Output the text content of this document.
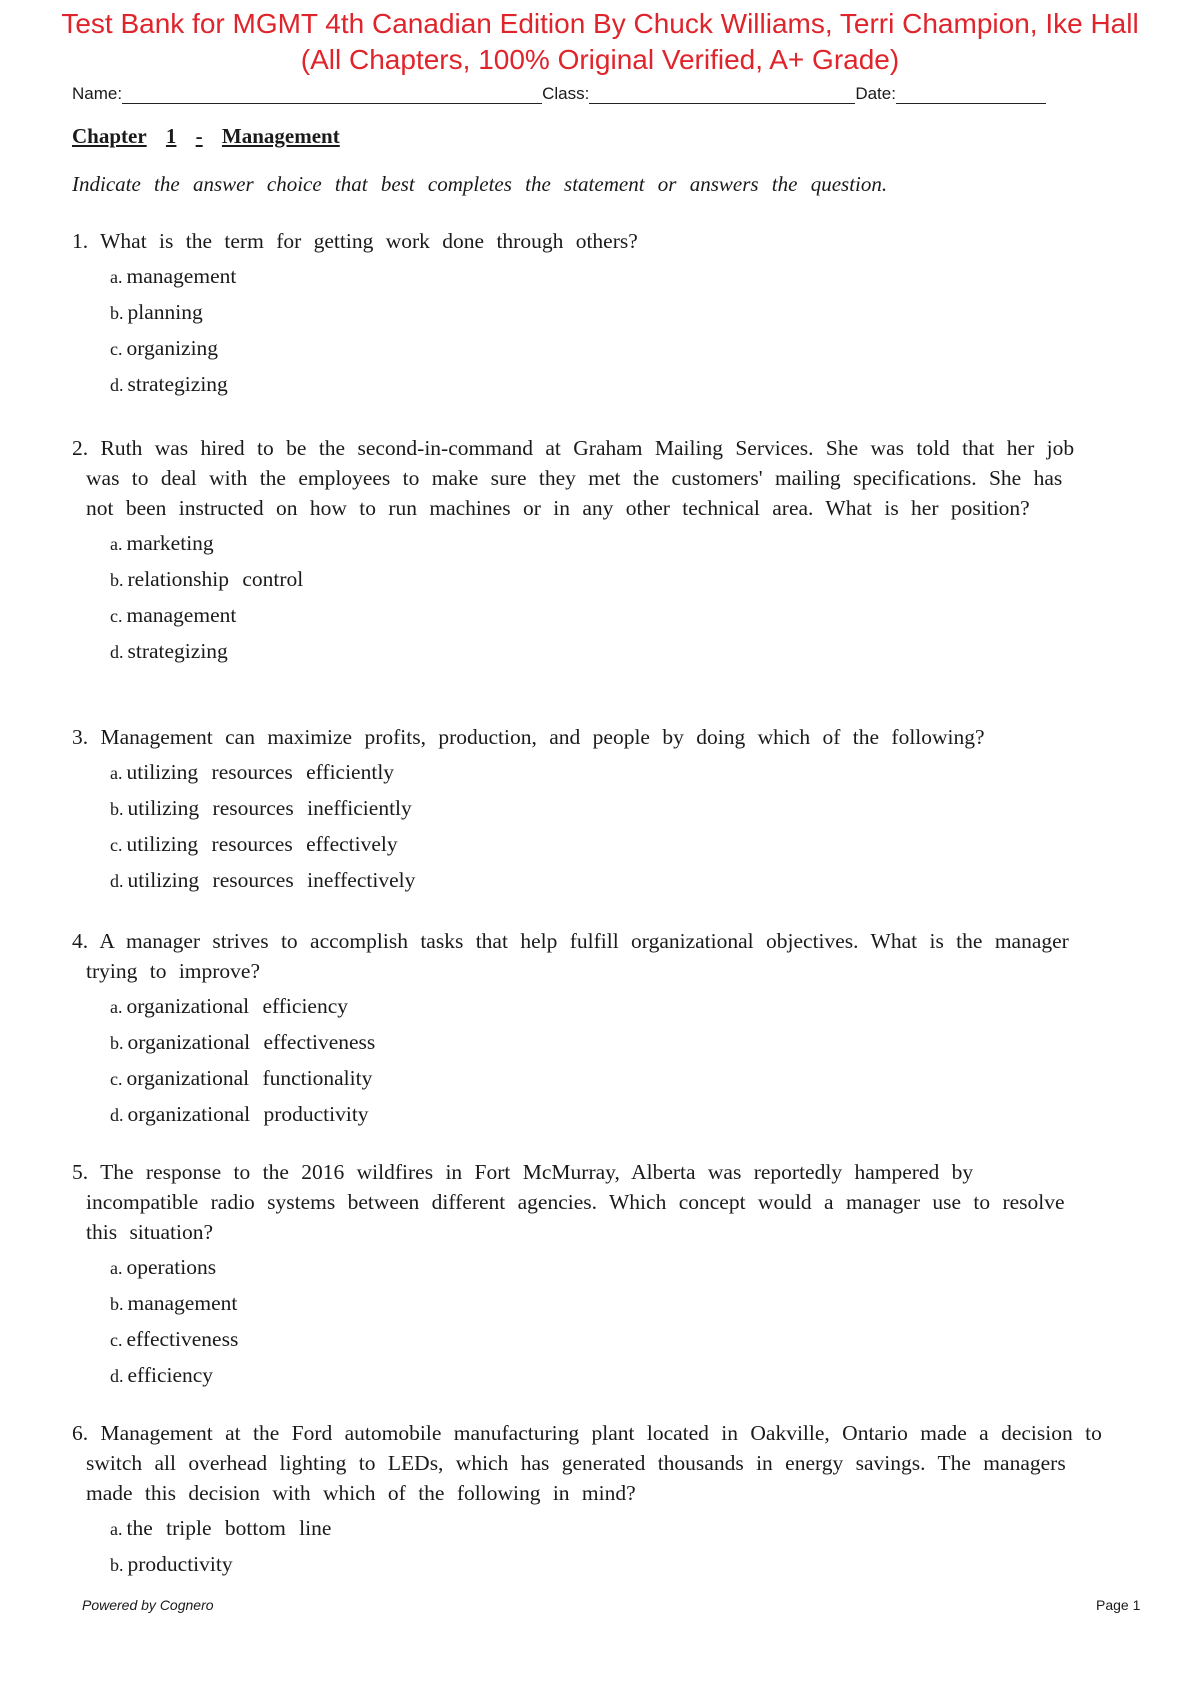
Test Bank for MGMT 4th Canadian Edition By Chuck Williams, Terri Champion, Ike Hall (All Chapters, 100% Original Verified, A+ Grade)
Name:	Class:	Date:
Chapter 1 - Management
Indicate the answer choice that best completes the statement or answers the question.
1. What is the term for getting work done through others?
a. management
b. planning
c. organizing
d. strategizing
2. Ruth was hired to be the second-in-command at Graham Mailing Services. She was told that her job was to deal with the employees to make sure they met the customers' mailing specifications. She has not been instructed on how to run machines or in any other technical area. What is her position?
a. marketing
b. relationship control
c. management
d. strategizing
3. Management can maximize profits, production, and people by doing which of the following?
a. utilizing resources efficiently
b. utilizing resources inefficiently
c. utilizing resources effectively
d. utilizing resources ineffectively
4. A manager strives to accomplish tasks that help fulfill organizational objectives. What is the manager trying to improve?
a. organizational efficiency
b. organizational effectiveness
c. organizational functionality
d. organizational productivity
5. The response to the 2016 wildfires in Fort McMurray, Alberta was reportedly hampered by incompatible radio systems between different agencies. Which concept would a manager use to resolve this situation?
a. operations
b. management
c. effectiveness
d. efficiency
6. Management at the Ford automobile manufacturing plant located in Oakville, Ontario made a decision to switch all overhead lighting to LEDs, which has generated thousands in energy savings. The managers made this decision with which of the following in mind?
a. the triple bottom line
b. productivity
Powered by Cognero	Page 1
